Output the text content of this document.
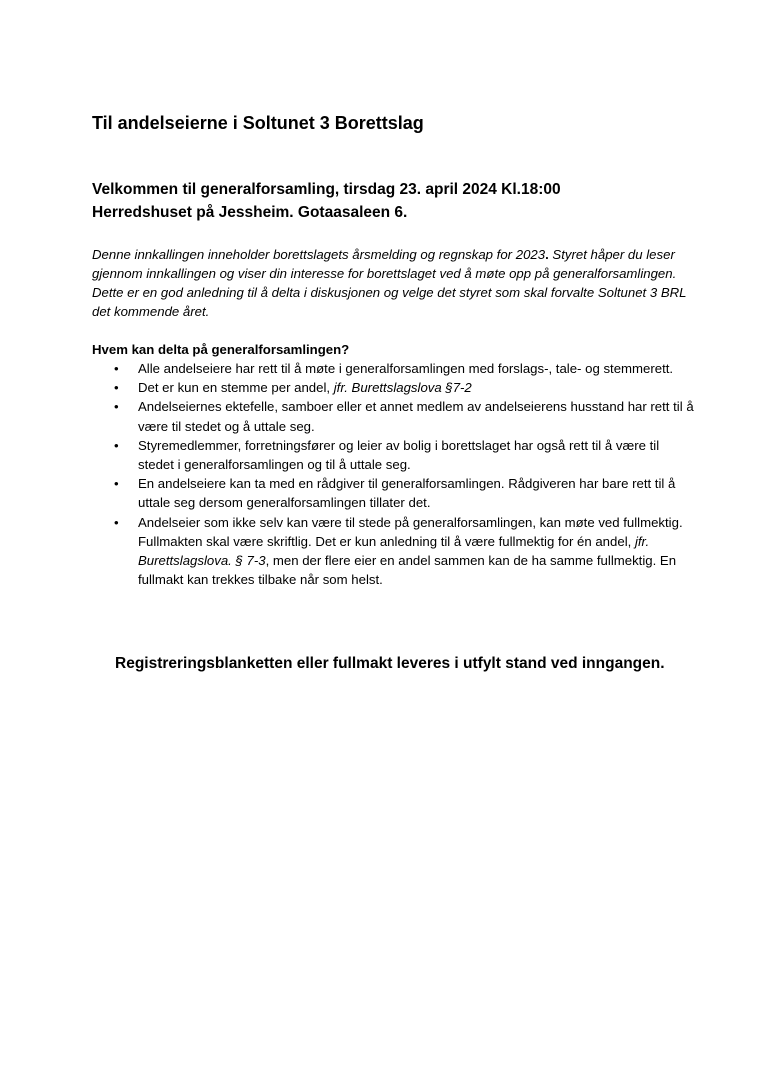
Til andelseierne i Soltunet 3 Borettslag
Velkommen til generalforsamling, tirsdag 23. april 2024 Kl.18:00
Herredshuset på Jessheim. Gotaasaleen 6.

Denne innkallingen inneholder borettslagets årsmelding og regnskap for 2023. Styret håper du leser gjennom innkallingen og viser din interesse for borettslaget ved å møte opp på generalforsamlingen. Dette er en god anledning til å delta i diskusjonen og velge det styret som skal forvalte Soltunet 3 BRL det kommende året.

Hvem kan delta på generalforsamlingen?
• Alle andelseiere har rett til å møte i generalforsamlingen med forslags-, tale- og stemmerett.
• Det er kun en stemme per andel, jfr. Burettslagslova §7-2
• Andelseiernes ektefelle, samboer eller et annet medlem av andelseierens husstand har rett til å være til stedet og å uttale seg.
• Styremedlemmer, forretningsfører og leier av bolig i borettslaget har også rett til å være til stedet i generalforsamlingen og til å uttale seg.
• En andelseiere kan ta med en rådgiver til generalforsamlingen. Rådgiveren har bare rett til å uttale seg dersom generalforsamlingen tillater det.
• Andelseier som ikke selv kan være til stede på generalforsamlingen, kan møte ved fullmektig. Fullmakten skal være skriftlig. Det er kun anledning til å være fullmektig for én andel, jfr. Burettslagslova. § 7-3, men der flere eier en andel sammen kan de ha samme fullmektig. En fullmakt kan trekkes tilbake når som helst.

Registreringsblanketten eller fullmakt leveres i utfylt stand ved inngangen.
